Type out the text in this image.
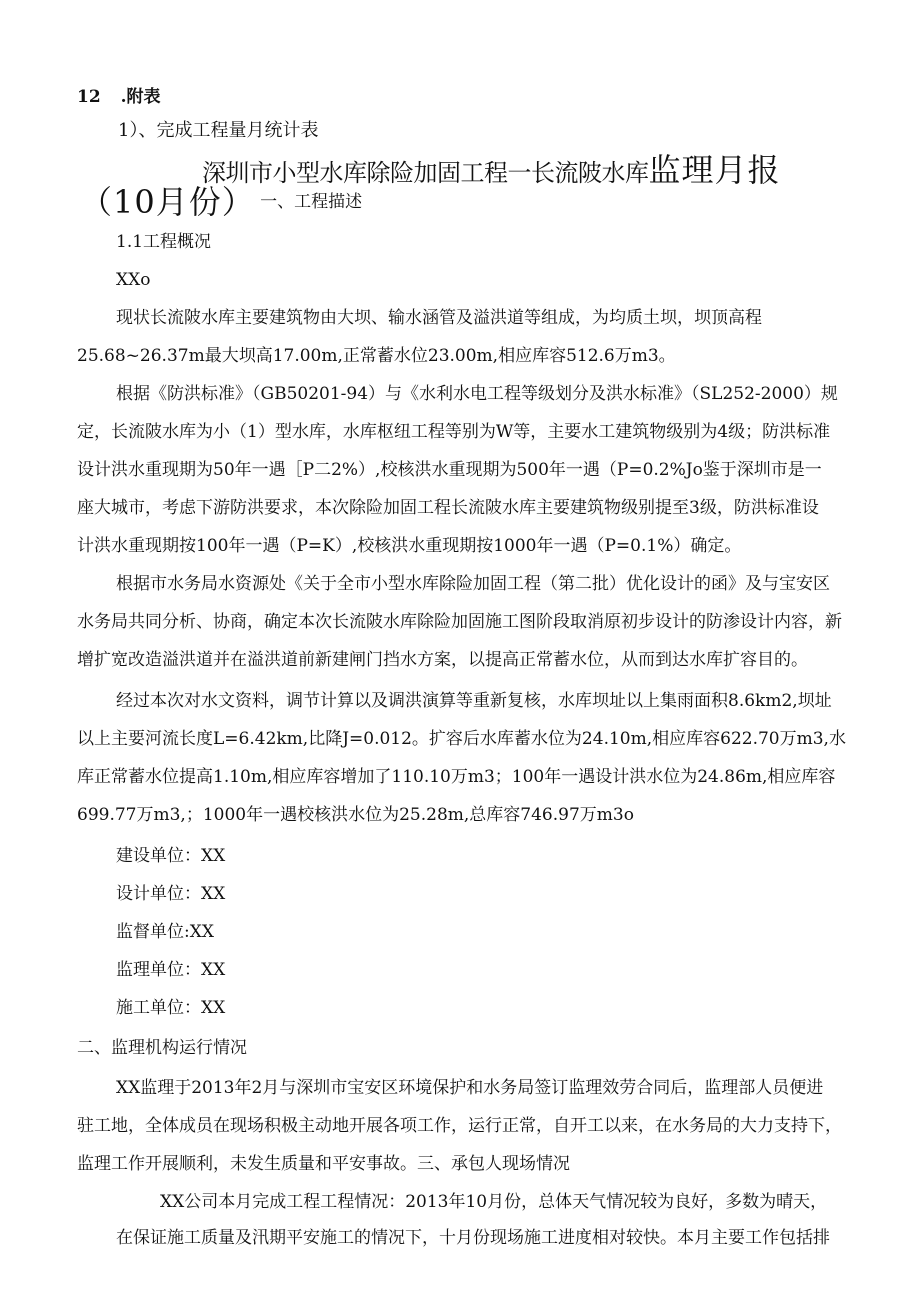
12 .附表
1）、完成工程量月统计表
深圳市小型水库除险加固工程一长流陂水库监理月报
（10月份） 一、工程描述
1.1工程概况
XXo
现状长流陂水库主要建筑物由大坝、输水涵管及溢洪道等组成，为均质土坝，坝顶高程
25.68~26.37m最大坝高17.00m,正常蓄水位23.00m,相应库容512.6万m3。
根据《防洪标准》（GB50201-94）与《水利水电工程等级划分及洪水标准》（SL252-2000）规
定，长流陂水库为小（1）型水库，水库枢纽工程等别为W等，主要水工建筑物级别为4级；防洪标准
设计洪水重现期为50年一遇［P二2%）,校核洪水重现期为500年一遇（P=0.2%Jo鉴于深圳市是一
座大城市，考虑下游防洪要求，本次除险加固工程长流陂水库主要建筑物级别提至3级，防洪标准设
计洪水重现期按100年一遇（P=K）,校核洪水重现期按1000年一遇（P=0.1%）确定。
根据市水务局水资源处《关于全市小型水库除险加固工程（第二批）优化设计的函》及与宝安区
水务局共同分析、协商，确定本次长流陂水库除险加固施工图阶段取消原初步设计的防渗设计内容，新
增扩宽改造溢洪道并在溢洪道前新建闸门挡水方案，以提高正常蓄水位，从而到达水库扩容目的。
经过本次对水文资料，调节计算以及调洪演算等重新复核，水库坝址以上集雨面积8.6km2,坝址
以上主要河流长度L=6.42km,比降J=0.012。扩容后水库蓄水位为24.10m,相应库容622.70万m3,水
库正常蓄水位提高1.10m,相应库容增加了110.10万m3；100年一遇设计洪水位为24.86m,相应库容
699.77万m3,；1000年一遇校核洪水位为25.28m,总库容746.97万m3o
建设单位：XX
设计单位：XX
监督单位:XX
监理单位：XX
施工单位：XX
二、监理机构运行情况
XX监理于2013年2月与深圳市宝安区环境保护和水务局签订监理效劳合同后，监理部人员便进
驻工地，全体成员在现场积极主动地开展各项工作，运行正常，自开工以来，在水务局的大力支持下，
监理工作开展顺利，未发生质量和平安事故。三、承包人现场情况
XX公司本月完成工程工程情况：2013年10月份，总体天气情况较为良好，多数为晴天，
在保证施工质量及汛期平安施工的情况下，十月份现场施工进度相对较快。本月主要工作包括排
